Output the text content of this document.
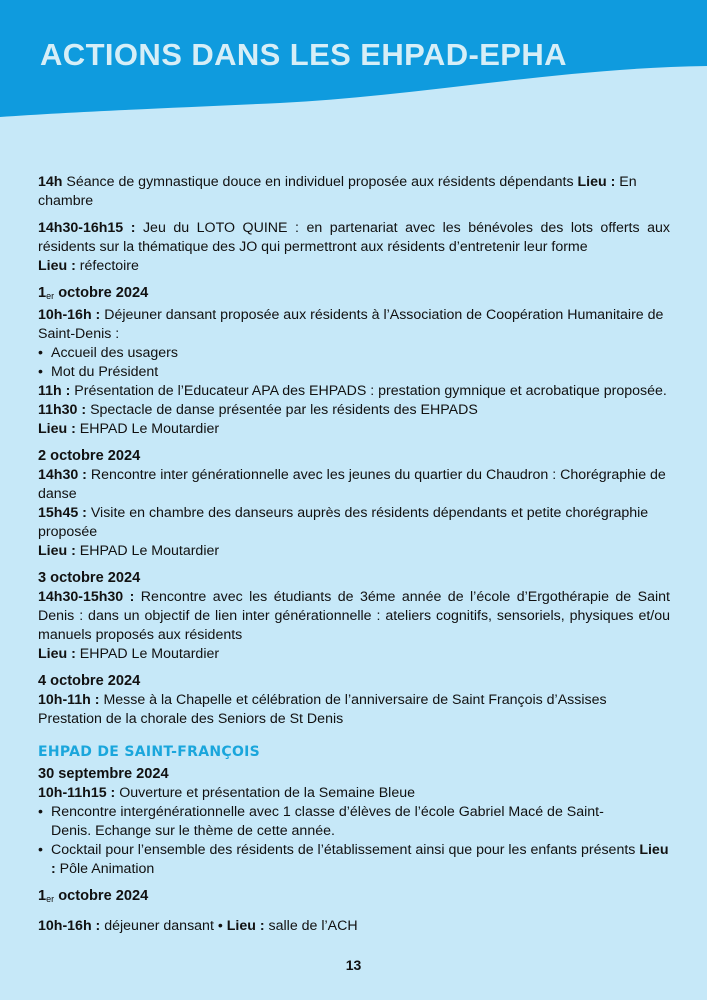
ACTIONS DANS LES EHPAD-EPHA

14h Séance de gymnastique douce en individuel proposée aux résidents dépendants Lieu : En chambre

14h30-16h15 : Jeu du LOTO QUINE : en partenariat avec les bénévoles des lots offerts aux résidents sur la thématique des JO qui permettront aux résidents d’entretenir leur forme

Lieu : réfectoire

1er octobre 2024

10h-16h : Déjeuner dansant proposée aux résidents à l’Association de Coopération Humanitaire de Saint-Denis :

• Accueil des usagers

• Mot du Président

11h : Présentation de l’Educateur APA des EHPADS : prestation gymnique et acrobatique proposée.

11h30 : Spectacle de danse présentée par les résidents des EHPADS

Lieu : EHPAD Le Moutardier

2 octobre 2024

14h30 : Rencontre inter générationnelle avec les jeunes du quartier du Chaudron : Chorégraphie de danse

15h45 : Visite en chambre des danseurs auprès des résidents dépendants et petite chorégraphie proposée

Lieu : EHPAD Le Moutardier

3 octobre 2024

14h30-15h30 : Rencontre avec les étudiants de 3éme année de l’école d’Ergothérapie de Saint Denis : dans un objectif de lien inter générationnelle : ateliers cognitifs, sensoriels, physiques et/ou manuels proposés aux résidents

Lieu : EHPAD Le Moutardier

4 octobre 2024

10h-11h : Messe à la Chapelle et célébration de l’anniversaire de Saint François d’Assises

Prestation de la chorale des Seniors de St Denis

EHPAD DE SAINT-FRANÇOIS
30 septembre 2024

10h-11h15 : Ouverture et présentation de la Semaine Bleue

• Rencontre intergénérationnelle avec 1 classe d’élèves de l’école Gabriel Macé de Saint-Denis. Echange sur le thème de cette année.

• Cocktail pour l’ensemble des résidents de l’établissement ainsi que pour les enfants présents Lieu : Pôle Animation

1er octobre 2024

10h-16h : déjeuner dansant • Lieu : salle de l’ACH

13
